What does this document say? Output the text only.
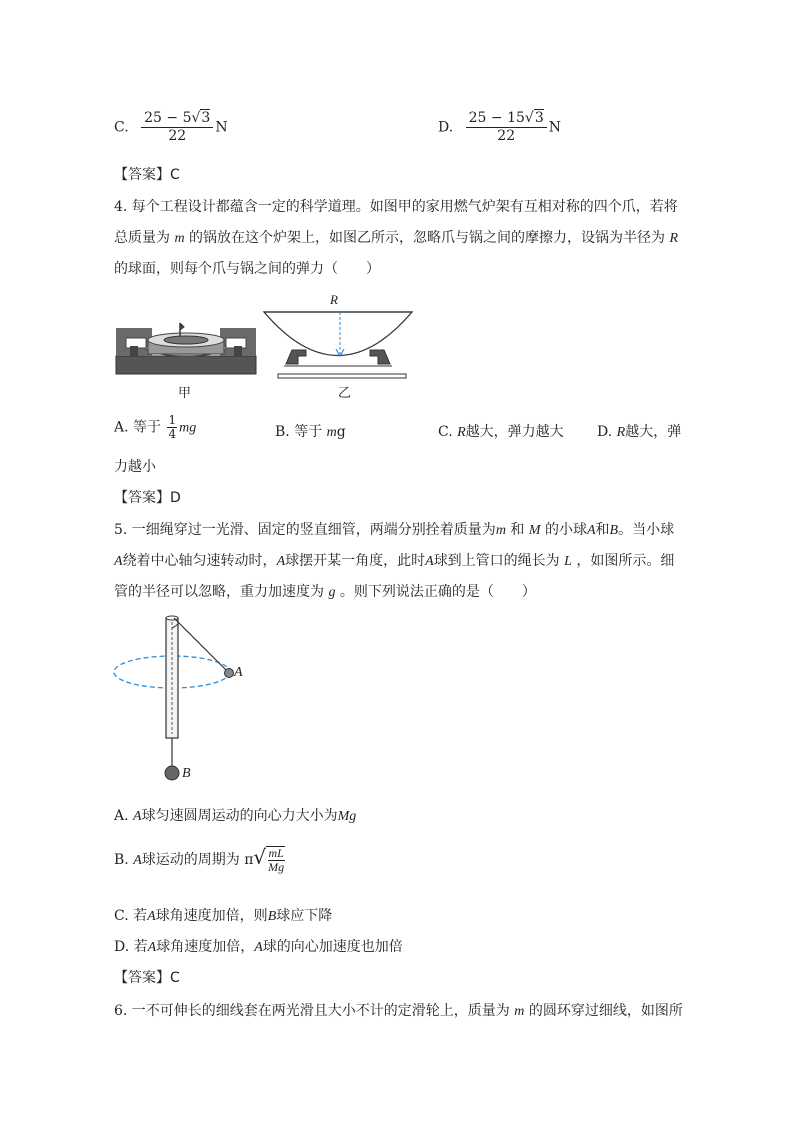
C. $\frac{25 - 5√3}{22}$ N	D. $\frac{25 - 15√3}{22}$ N
【答案】C
4. 每个工程设计都蕴含一定的科学道理。如图甲的家用燃气炉架有互相对称的四个爪，若将
总质量为 m 的锅放在这个炉架上，如图乙所示，忽略爪与锅之间的摩擦力，设锅为半径为 R
的球面，则每个爪与锅之间的弹力（　　）
甲
R
乙
A. 等于 $\frac{1}{4}$ mg	B. 等于 mg	C. R越大，弹力越大 D. R越大，弹
力越小
【答案】D
5. 一细绳穿过一光滑、固定的竖直细管，两端分别拴着质量为m 和 M 的小球A和B。当小球
A绕着中心轴匀速转动时，A球摆开某一角度，此时A球到上管口的绳长为 L ，如图所示。细
管的半径可以忽略，重力加速度为 g 。则下列说法正确的是（　　）
A
B
A. A球匀速圆周运动的向心力大小为Mg
B. A球运动的周期为 $\pi√ \frac{mL}{Mg}$
C. 若A球角速度加倍，则B球应下降
D. 若A球角速度加倍，A球的向心加速度也加倍
【答案】C
6. 一不可伸长的细线套在两光滑且大小不计的定滑轮上，质量为 m 的圆环穿过细线，如图所
